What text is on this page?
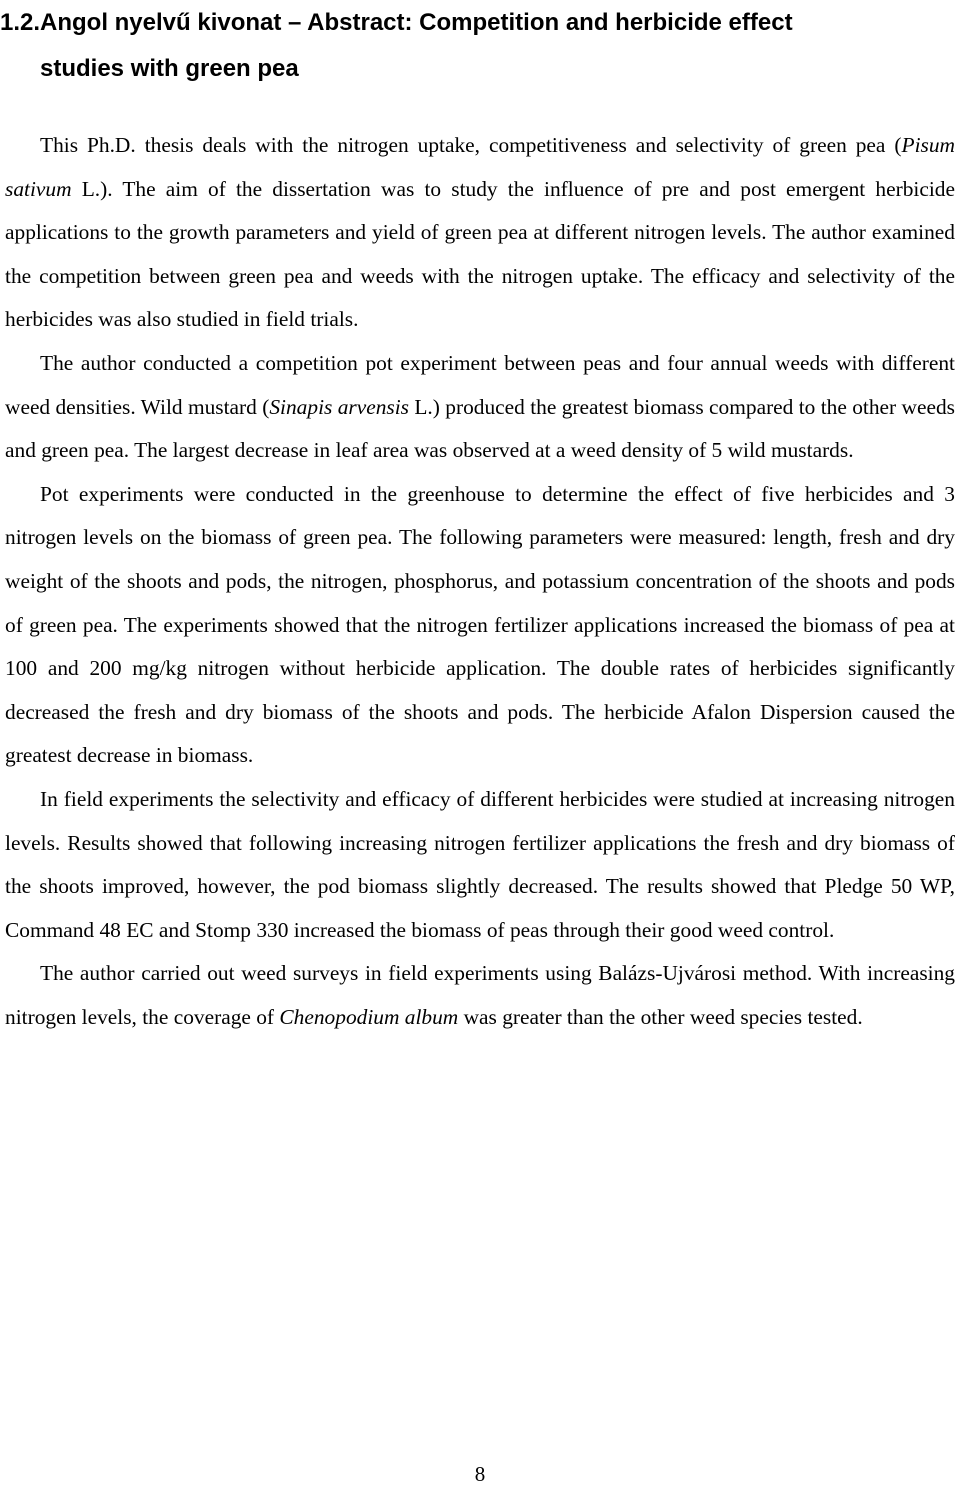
1.2.Angol nyelvű kivonat – Abstract: Competition and herbicide effect
studies with green pea

This Ph.D. thesis deals with the nitrogen uptake, competitiveness and selectivity of green pea (Pisum sativum L.). The aim of the dissertation was to study the influence of pre and post emergent herbicide applications to the growth parameters and yield of green pea at different nitrogen levels. The author examined the competition between green pea and weeds with the nitrogen uptake. The efficacy and selectivity of the herbicides was also studied in field trials.

The author conducted a competition pot experiment between peas and four annual weeds with different weed densities. Wild mustard (Sinapis arvensis L.) produced the greatest biomass compared to the other weeds and green pea. The largest decrease in leaf area was observed at a weed density of 5 wild mustards.

Pot experiments were conducted in the greenhouse to determine the effect of five herbicides and 3 nitrogen levels on the biomass of green pea. The following parameters were measured: length, fresh and dry weight of the shoots and pods, the nitrogen, phosphorus, and potassium concentration of the shoots and pods of green pea. The experiments showed that the nitrogen fertilizer applications increased the biomass of pea at 100 and 200 mg/kg nitrogen without herbicide application. The double rates of herbicides significantly decreased the fresh and dry biomass of the shoots and pods. The herbicide Afalon Dispersion caused the greatest decrease in biomass.

In field experiments the selectivity and efficacy of different herbicides were studied at increasing nitrogen levels. Results showed that following increasing nitrogen fertilizer applications the fresh and dry biomass of the shoots improved, however, the pod biomass slightly decreased. The results showed that Pledge 50 WP, Command 48 EC and Stomp 330 increased the biomass of peas through their good weed control.

The author carried out weed surveys in field experiments using Balázs-Ujvárosi method. With increasing nitrogen levels, the coverage of Chenopodium album was greater than the other weed species tested.

8
